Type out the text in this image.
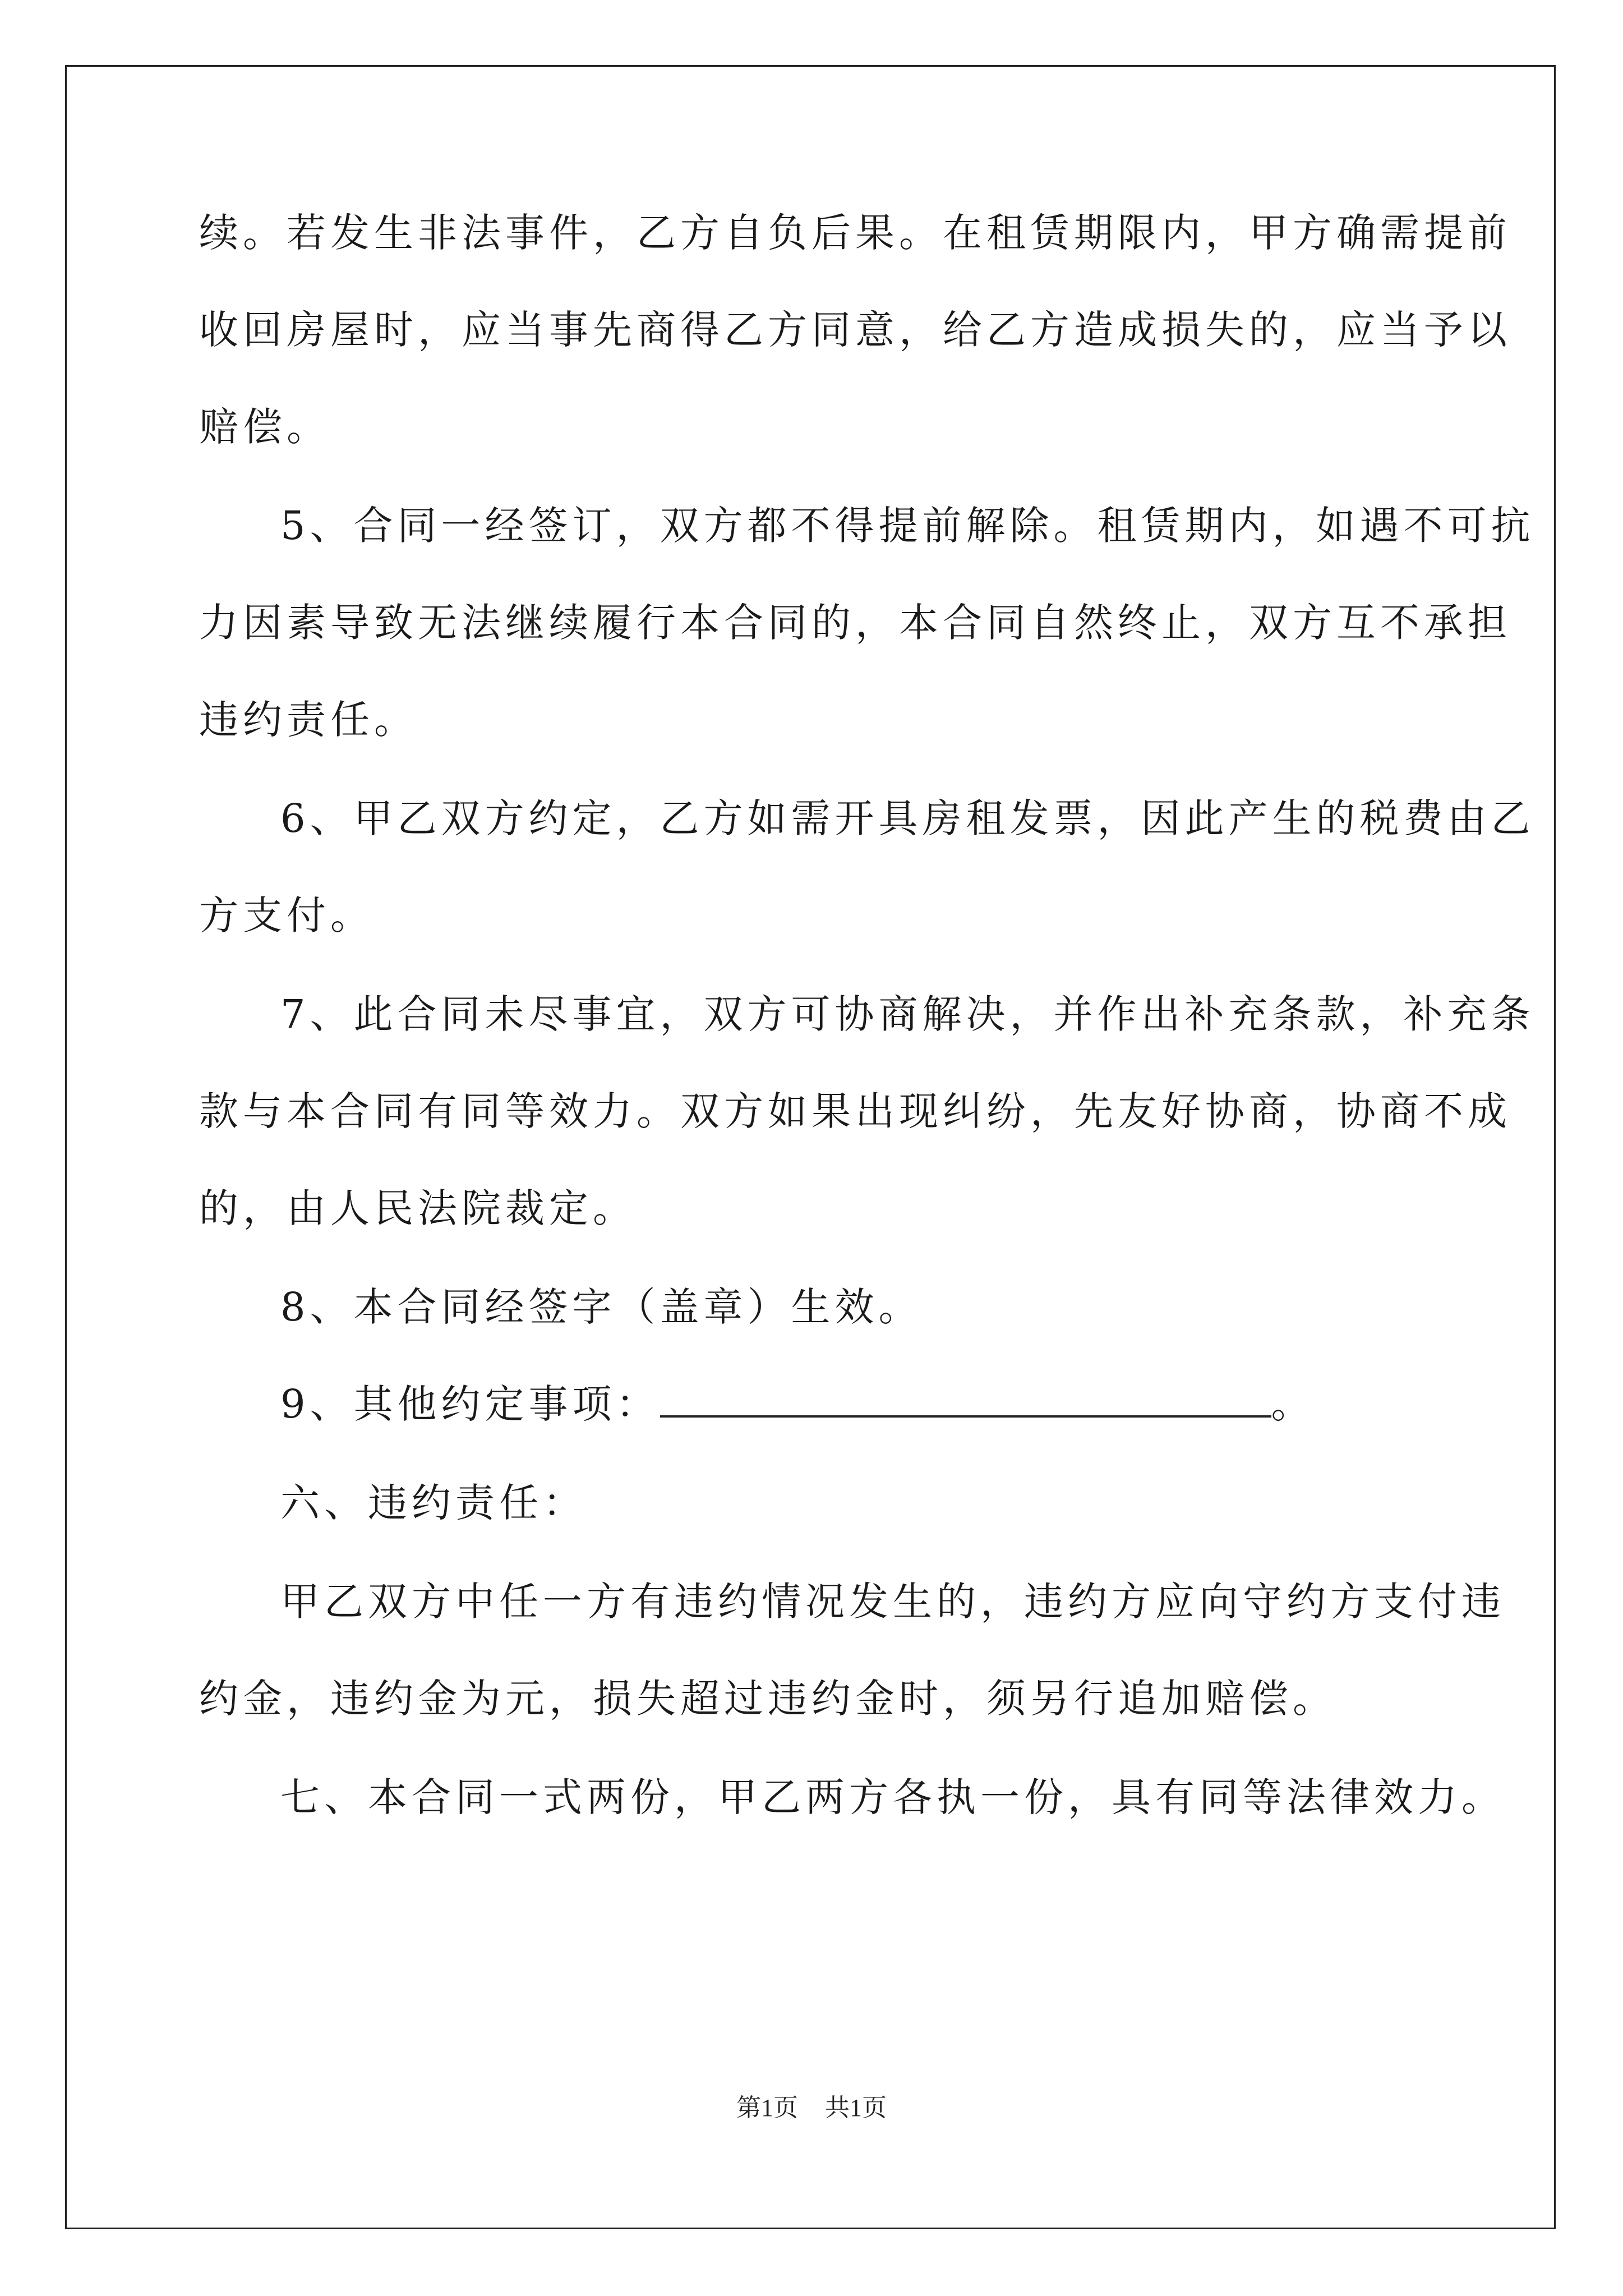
续。若发生非法事件，乙方自负后果。在租赁期限内，甲方确需提前
收回房屋时，应当事先商得乙方同意，给乙方造成损失的，应当予以
赔偿。
5、合同一经签订，双方都不得提前解除。租赁期内，如遇不可抗
力因素导致无法继续履行本合同的，本合同自然终止，双方互不承担
违约责任。
6、甲乙双方约定，乙方如需开具房租发票，因此产生的税费由乙
方支付。
7、此合同未尽事宜，双方可协商解决，并作出补充条款，补充条
款与本合同有同等效力。双方如果出现纠纷，先友好协商，协商不成
的，由人民法院裁定。
8、本合同经签字（盖章）生效。
9、其他约定事项：	。
六、违约责任：
甲乙双方中任一方有违约情况发生的，违约方应向守约方支付违
约金，违约金为元，损失超过违约金时，须另行追加赔偿。
七、本合同一式两份，甲乙两方各执一份，具有同等法律效力。
第1页 共1页
